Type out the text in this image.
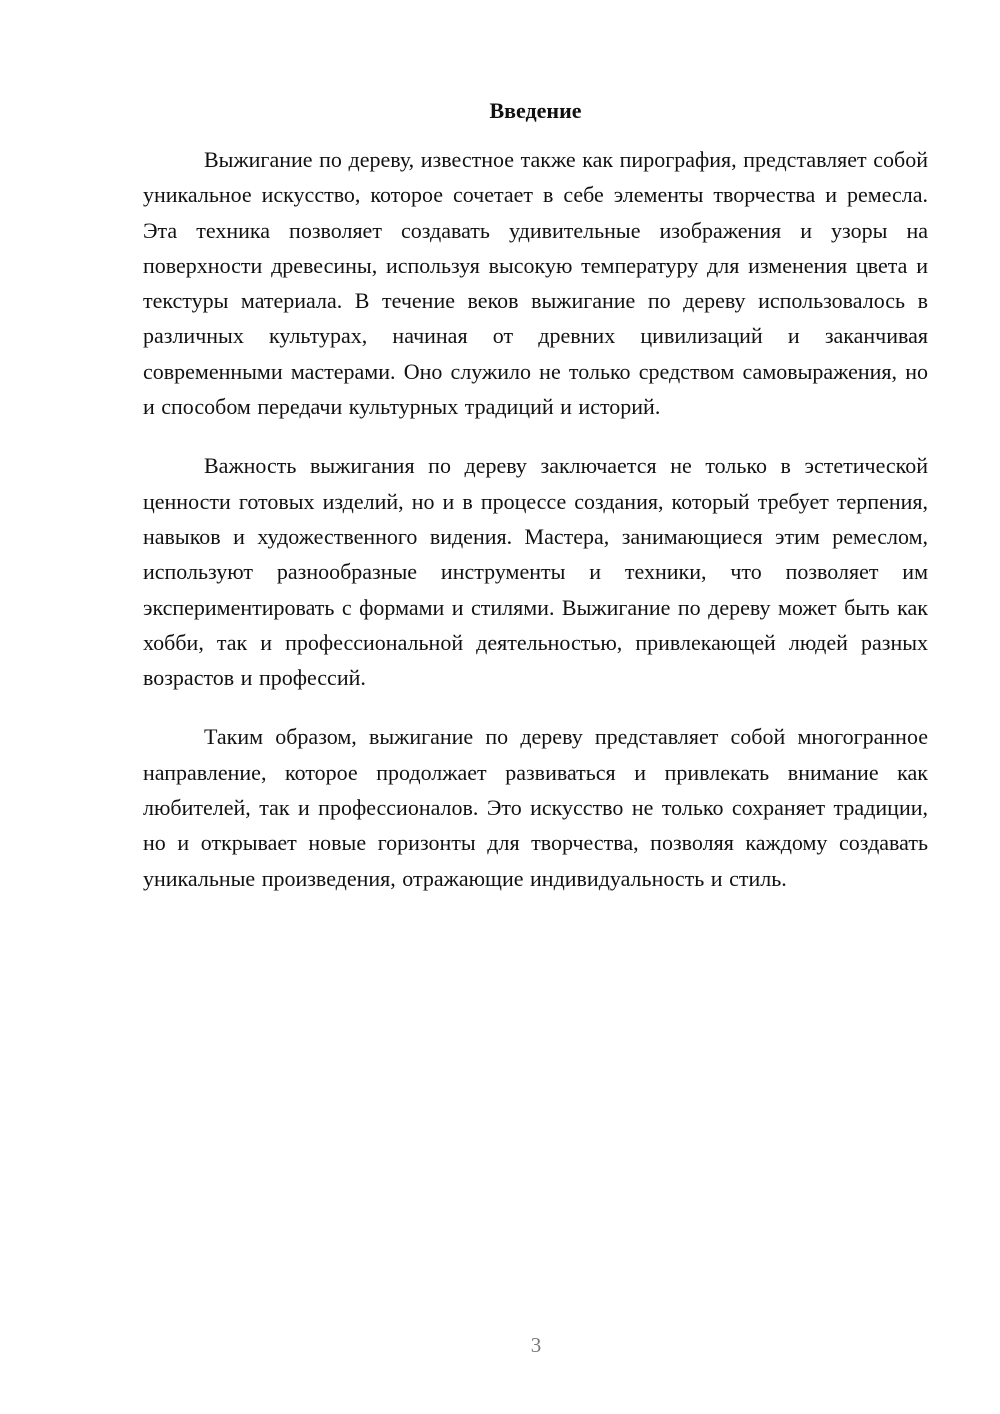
Введение

Выжигание по дереву, известное также как пирография, представляет собой уникальное искусство, которое сочетает в себе элементы творчества и ремесла. Эта техника позволяет создавать удивительные изображения и узоры на поверхности древесины, используя высокую температуру для изменения цвета и текстуры материала. В течение веков выжигание по дереву использовалось в различных культурах, начиная от древних цивилизаций и заканчивая современными мастерами. Оно служило не только средством самовыражения, но и способом передачи культурных традиций и историй.

Важность выжигания по дереву заключается не только в эстетической ценности готовых изделий, но и в процессе создания, который требует терпения, навыков и художественного видения. Мастера, занимающиеся этим ремеслом, используют разнообразные инструменты и техники, что позволяет им экспериментировать с формами и стилями. Выжигание по дереву может быть как хобби, так и профессиональной деятельностью, привлекающей людей разных возрастов и профессий.

Таким образом, выжигание по дереву представляет собой многогранное направление, которое продолжает развиваться и привлекать внимание как любителей, так и профессионалов. Это искусство не только сохраняет традиции, но и открывает новые горизонты для творчества, позволяя каждому создавать уникальные произведения, отражающие индивидуальность и стиль.

3
